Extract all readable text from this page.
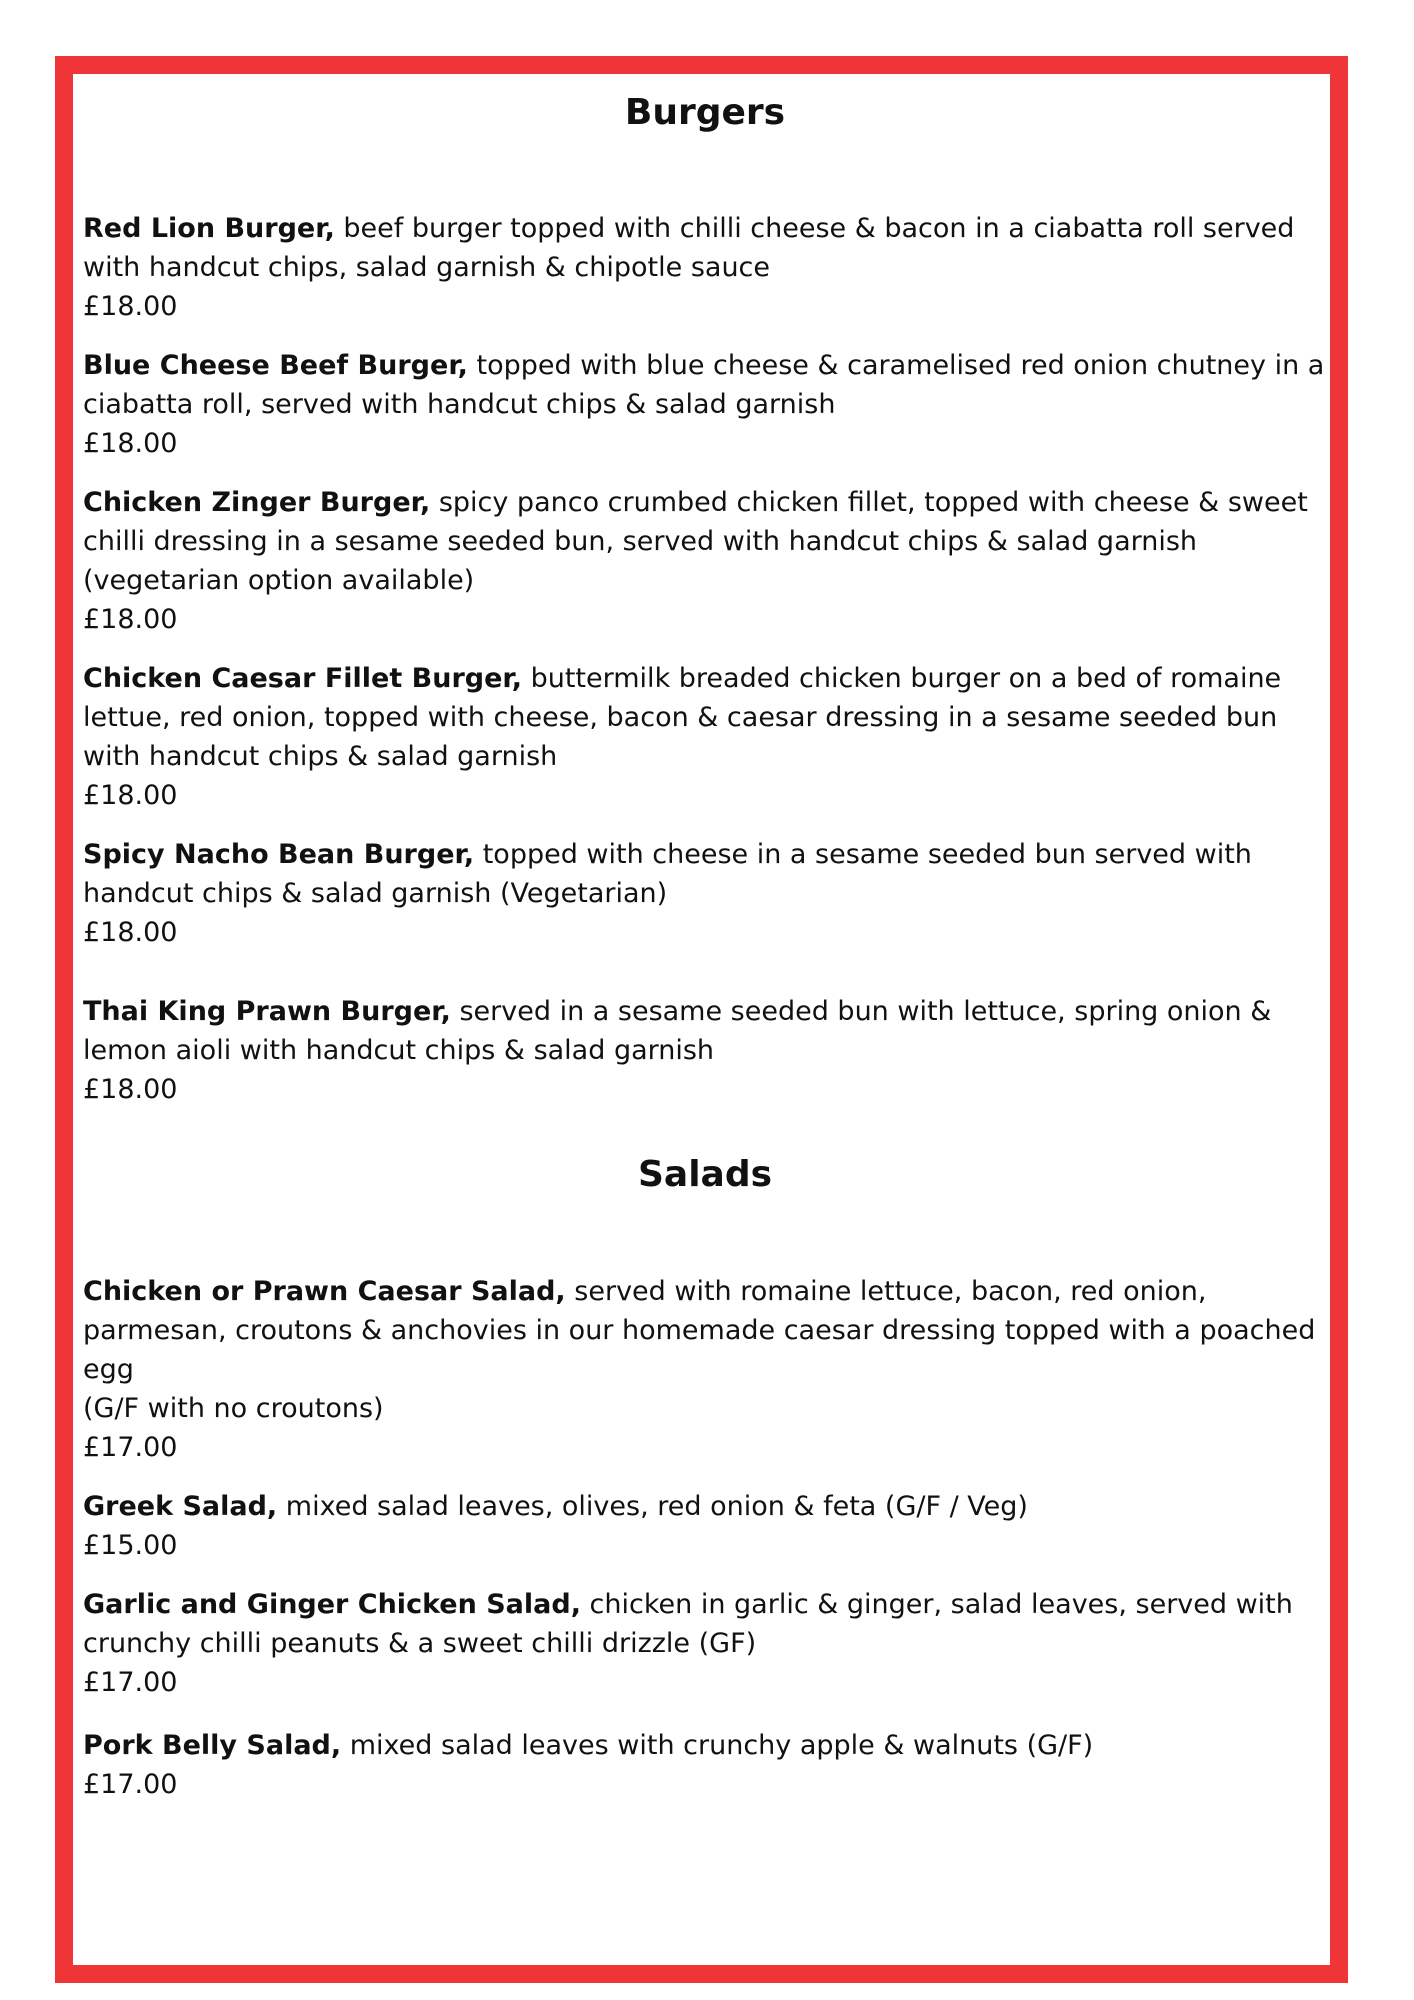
Burgers

Red Lion Burger, beef burger topped with chilli cheese & bacon in a ciabatta roll served with handcut chips, salad garnish & chipotle sauce
£18.00

Blue Cheese Beef Burger, topped with blue cheese & caramelised red onion chutney in a ciabatta roll, served with handcut chips & salad garnish
£18.00

Chicken Zinger Burger, spicy panco crumbed chicken fillet, topped with cheese & sweet chilli dressing in a sesame seeded bun, served with handcut chips & salad garnish (vegetarian option available)
£18.00

Chicken Caesar Fillet Burger, buttermilk breaded chicken burger on a bed of romaine lettue, red onion, topped with cheese, bacon & caesar dressing in a sesame seeded bun with handcut chips & salad garnish
£18.00

Spicy Nacho Bean Burger, topped with cheese in a sesame seeded bun served with handcut chips & salad garnish (Vegetarian)
£18.00

Thai King Prawn Burger, served in a sesame seeded bun with lettuce, spring onion & lemon aioli with handcut chips & salad garnish
£18.00

Salads

Chicken or Prawn Caesar Salad, served with romaine lettuce, bacon, red onion, parmesan, croutons & anchovies in our homemade caesar dressing topped with a poached egg
(G/F with no croutons)
£17.00

Greek Salad, mixed salad leaves, olives, red onion & feta (G/F / Veg)
£15.00

Garlic and Ginger Chicken Salad, chicken in garlic & ginger, salad leaves, served with crunchy chilli peanuts & a sweet chilli drizzle (GF)
£17.00

Pork Belly Salad, mixed salad leaves with crunchy apple & walnuts (G/F)
£17.00
